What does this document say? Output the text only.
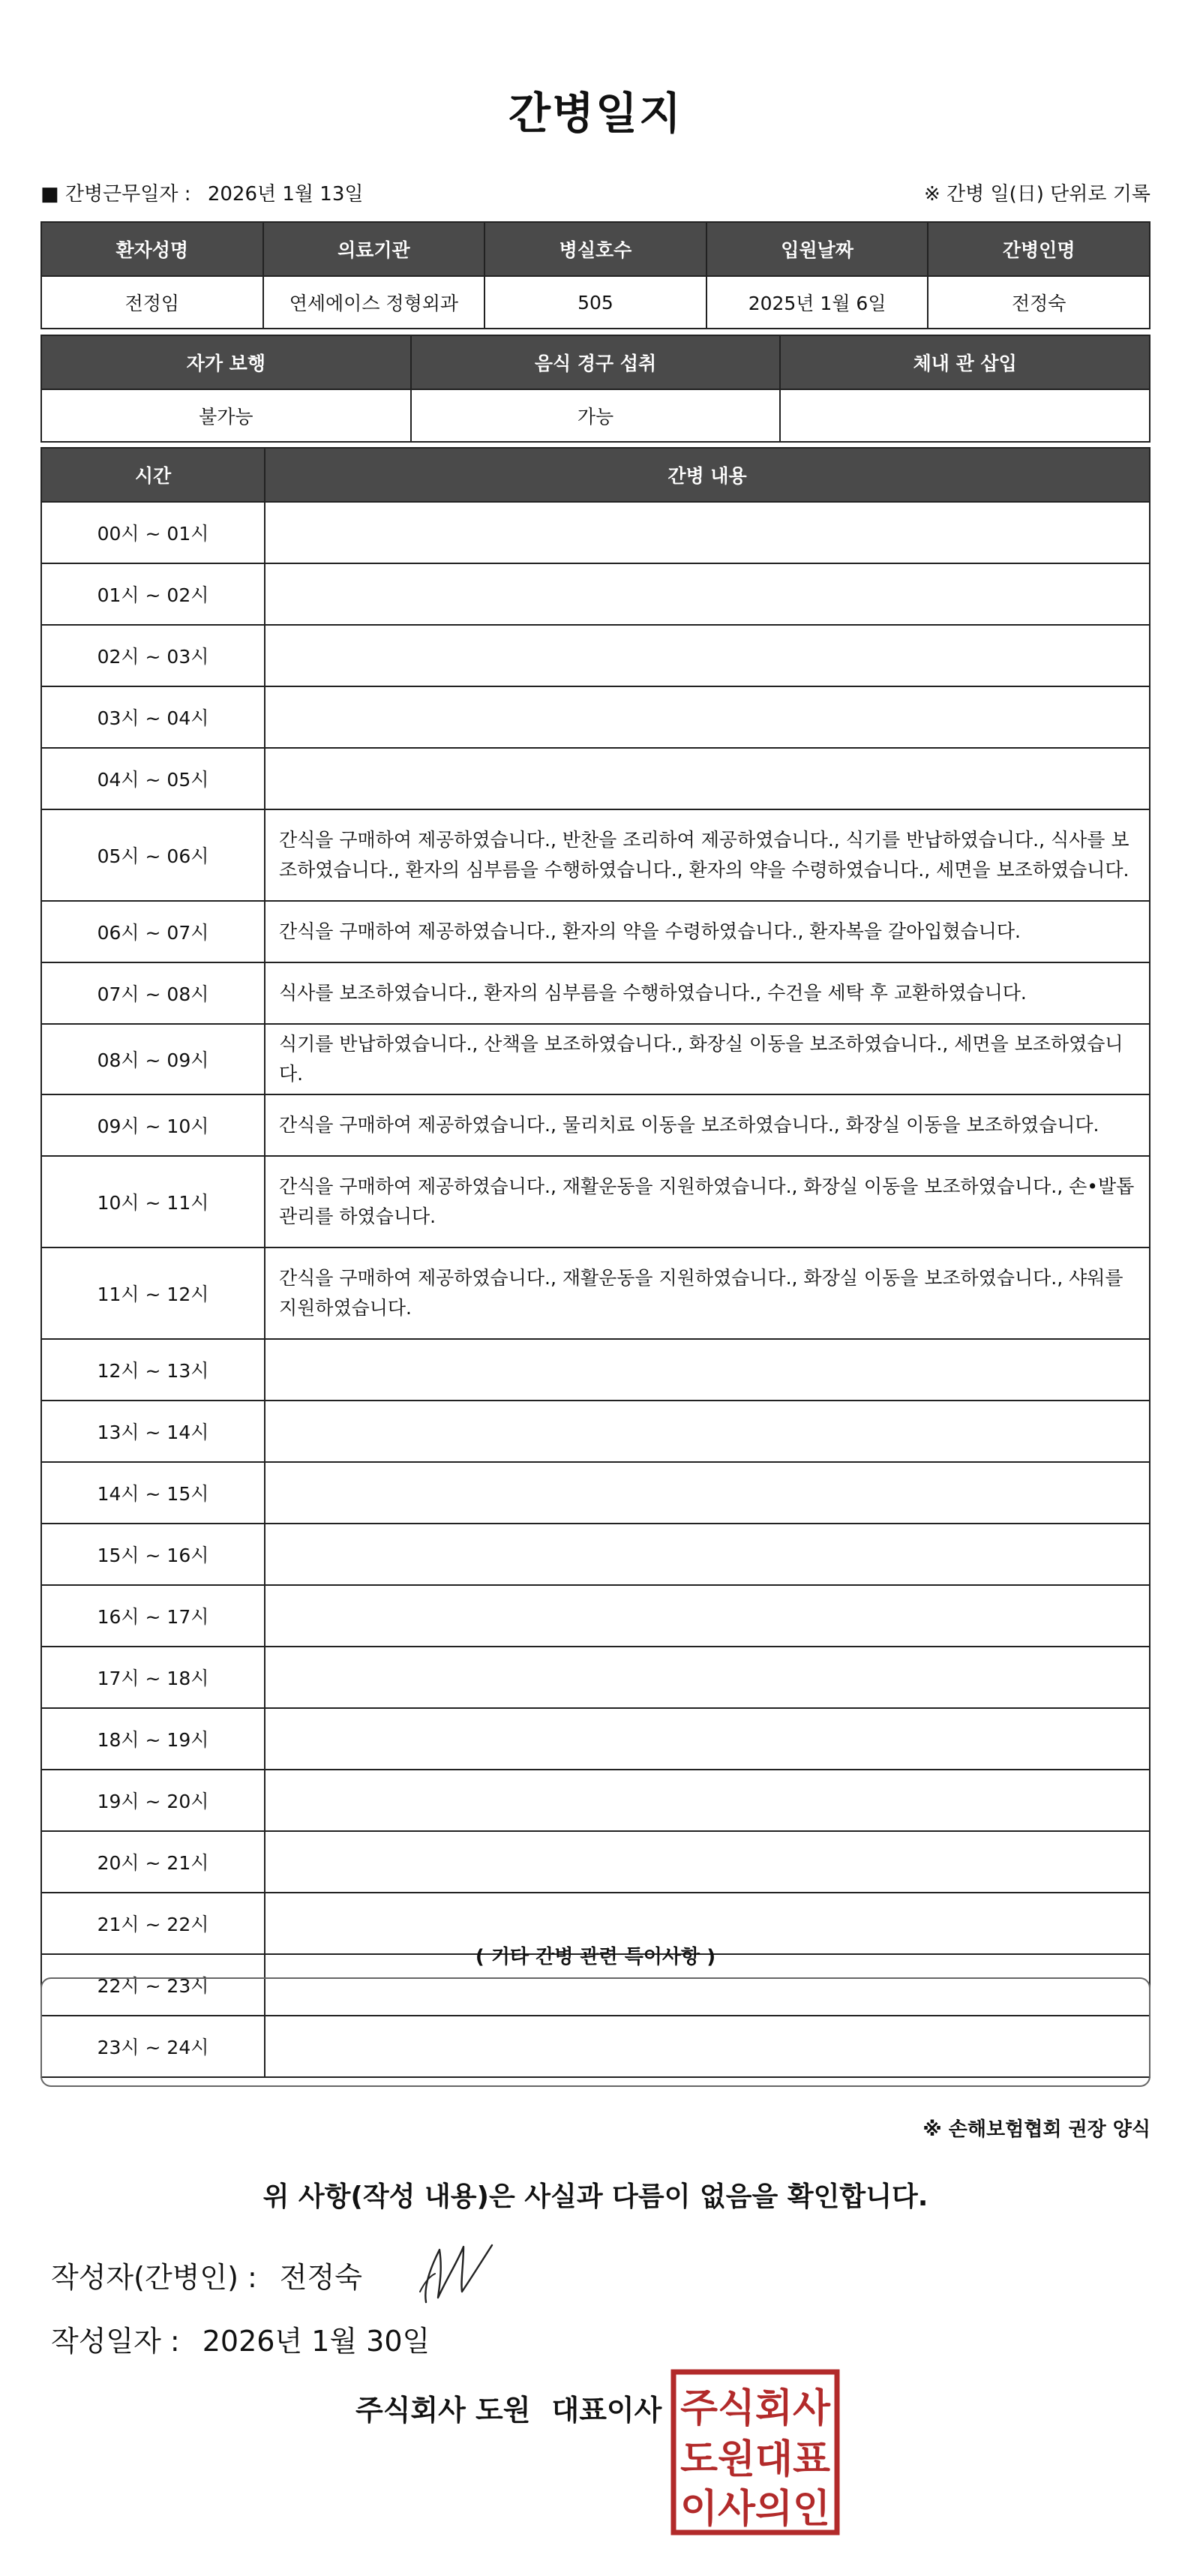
간병일지
■ 간병근무일자 : 2026년 1월 13일	※ 간병 일(日) 단위로 기록
환자성명	의료기관	병실호수	입원날짜	간병인명
전정임	연세에이스 정형외과	505	2025년 1월 6일	전정숙
자가 보행	음식 경구 섭취	체내 관 삽입
불가능	가능	
시간	간병 내용
00시 ~ 01시	
01시 ~ 02시	
02시 ~ 03시	
03시 ~ 04시	
04시 ~ 05시	
05시 ~ 06시	간식을 구매하여 제공하였습니다., 반찬을 조리하여 제공하였습니다., 식기를 반납하였습니다., 식사를 보조하였습니다., 환자의 심부름을 수행하였습니다., 환자의 약을 수령하였습니다., 세면을 보조하였습니다.
06시 ~ 07시	간식을 구매하여 제공하였습니다., 환자의 약을 수령하였습니다., 환자복을 갈아입혔습니다.
07시 ~ 08시	식사를 보조하였습니다., 환자의 심부름을 수행하였습니다., 수건을 세탁 후 교환하였습니다.
08시 ~ 09시	식기를 반납하였습니다., 산책을 보조하였습니다., 화장실 이동을 보조하였습니다., 세면을 보조하였습니다.
09시 ~ 10시	간식을 구매하여 제공하였습니다., 물리치료 이동을 보조하였습니다., 화장실 이동을 보조하였습니다.
10시 ~ 11시	간식을 구매하여 제공하였습니다., 재활운동을 지원하였습니다., 화장실 이동을 보조하였습니다., 손•발톱 관리를 하였습니다.
11시 ~ 12시	간식을 구매하여 제공하였습니다., 재활운동을 지원하였습니다., 화장실 이동을 보조하였습니다., 샤워를 지원하였습니다.
12시 ~ 13시	
13시 ~ 14시	
14시 ~ 15시	
15시 ~ 16시	
16시 ~ 17시	
17시 ~ 18시	
18시 ~ 19시	
19시 ~ 20시	
20시 ~ 21시	
21시 ~ 22시	
22시 ~ 23시	
23시 ~ 24시	
( 기타 간병 관련 특이사항 )
※ 손해보험협회 권장 양식
위 사항(작성 내용)은 사실과 다름이 없음을 확인합니다.
작성자(간병인) : 전정숙
작성일자 : 2026년 1월 30일
주식회사 도원 대표이사 주식회사
도원대표
이사의인
